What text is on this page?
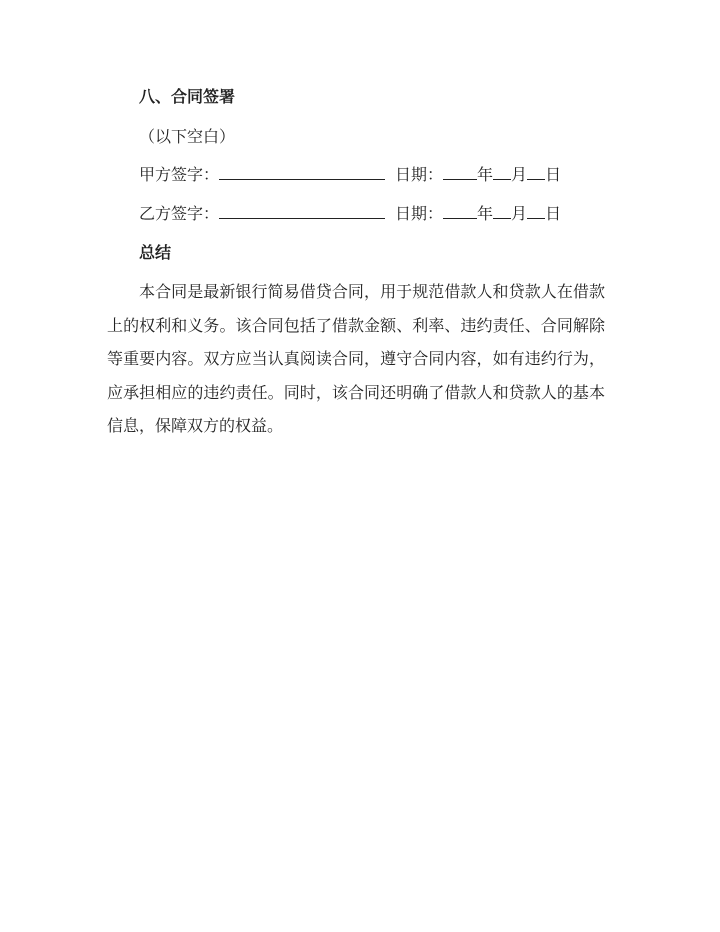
八、合同签署
（以下空白）
甲方签字：	日期： 年 月 日
乙方签字：	日期： 年 月 日
总结

本合同是最新银行简易借贷合同，用于规范借款人和贷款人在借款上的权利和义务。该合同包括了借款金额、利率、违约责任、合同解除等重要内容。双方应当认真阅读合同，遵守合同内容，如有违约行为，应承担相应的违约责任。同时，该合同还明确了借款人和贷款人的基本信息，保障双方的权益。
